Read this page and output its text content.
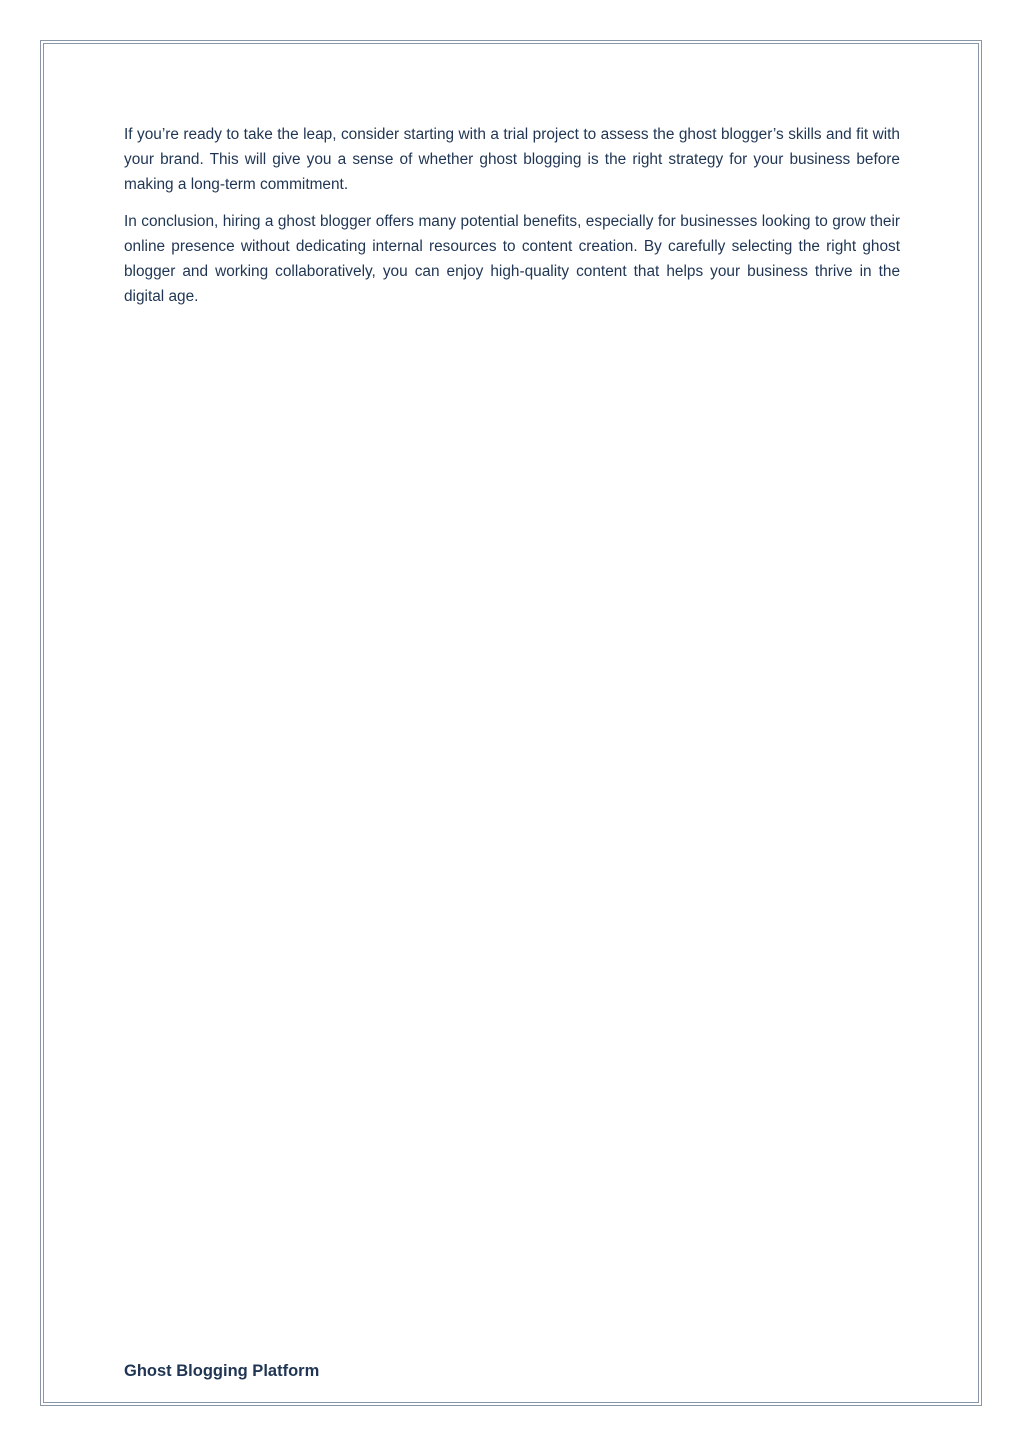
If you’re ready to take the leap, consider starting with a trial project to assess the ghost blogger’s skills and fit with your brand. This will give you a sense of whether ghost blogging is the right strategy for your business before making a long-term commitment.

In conclusion, hiring a ghost blogger offers many potential benefits, especially for businesses looking to grow their online presence without dedicating internal resources to content creation. By carefully selecting the right ghost blogger and working collaboratively, you can enjoy high-quality content that helps your business thrive in the digital age.

Ghost Blogging Platform
